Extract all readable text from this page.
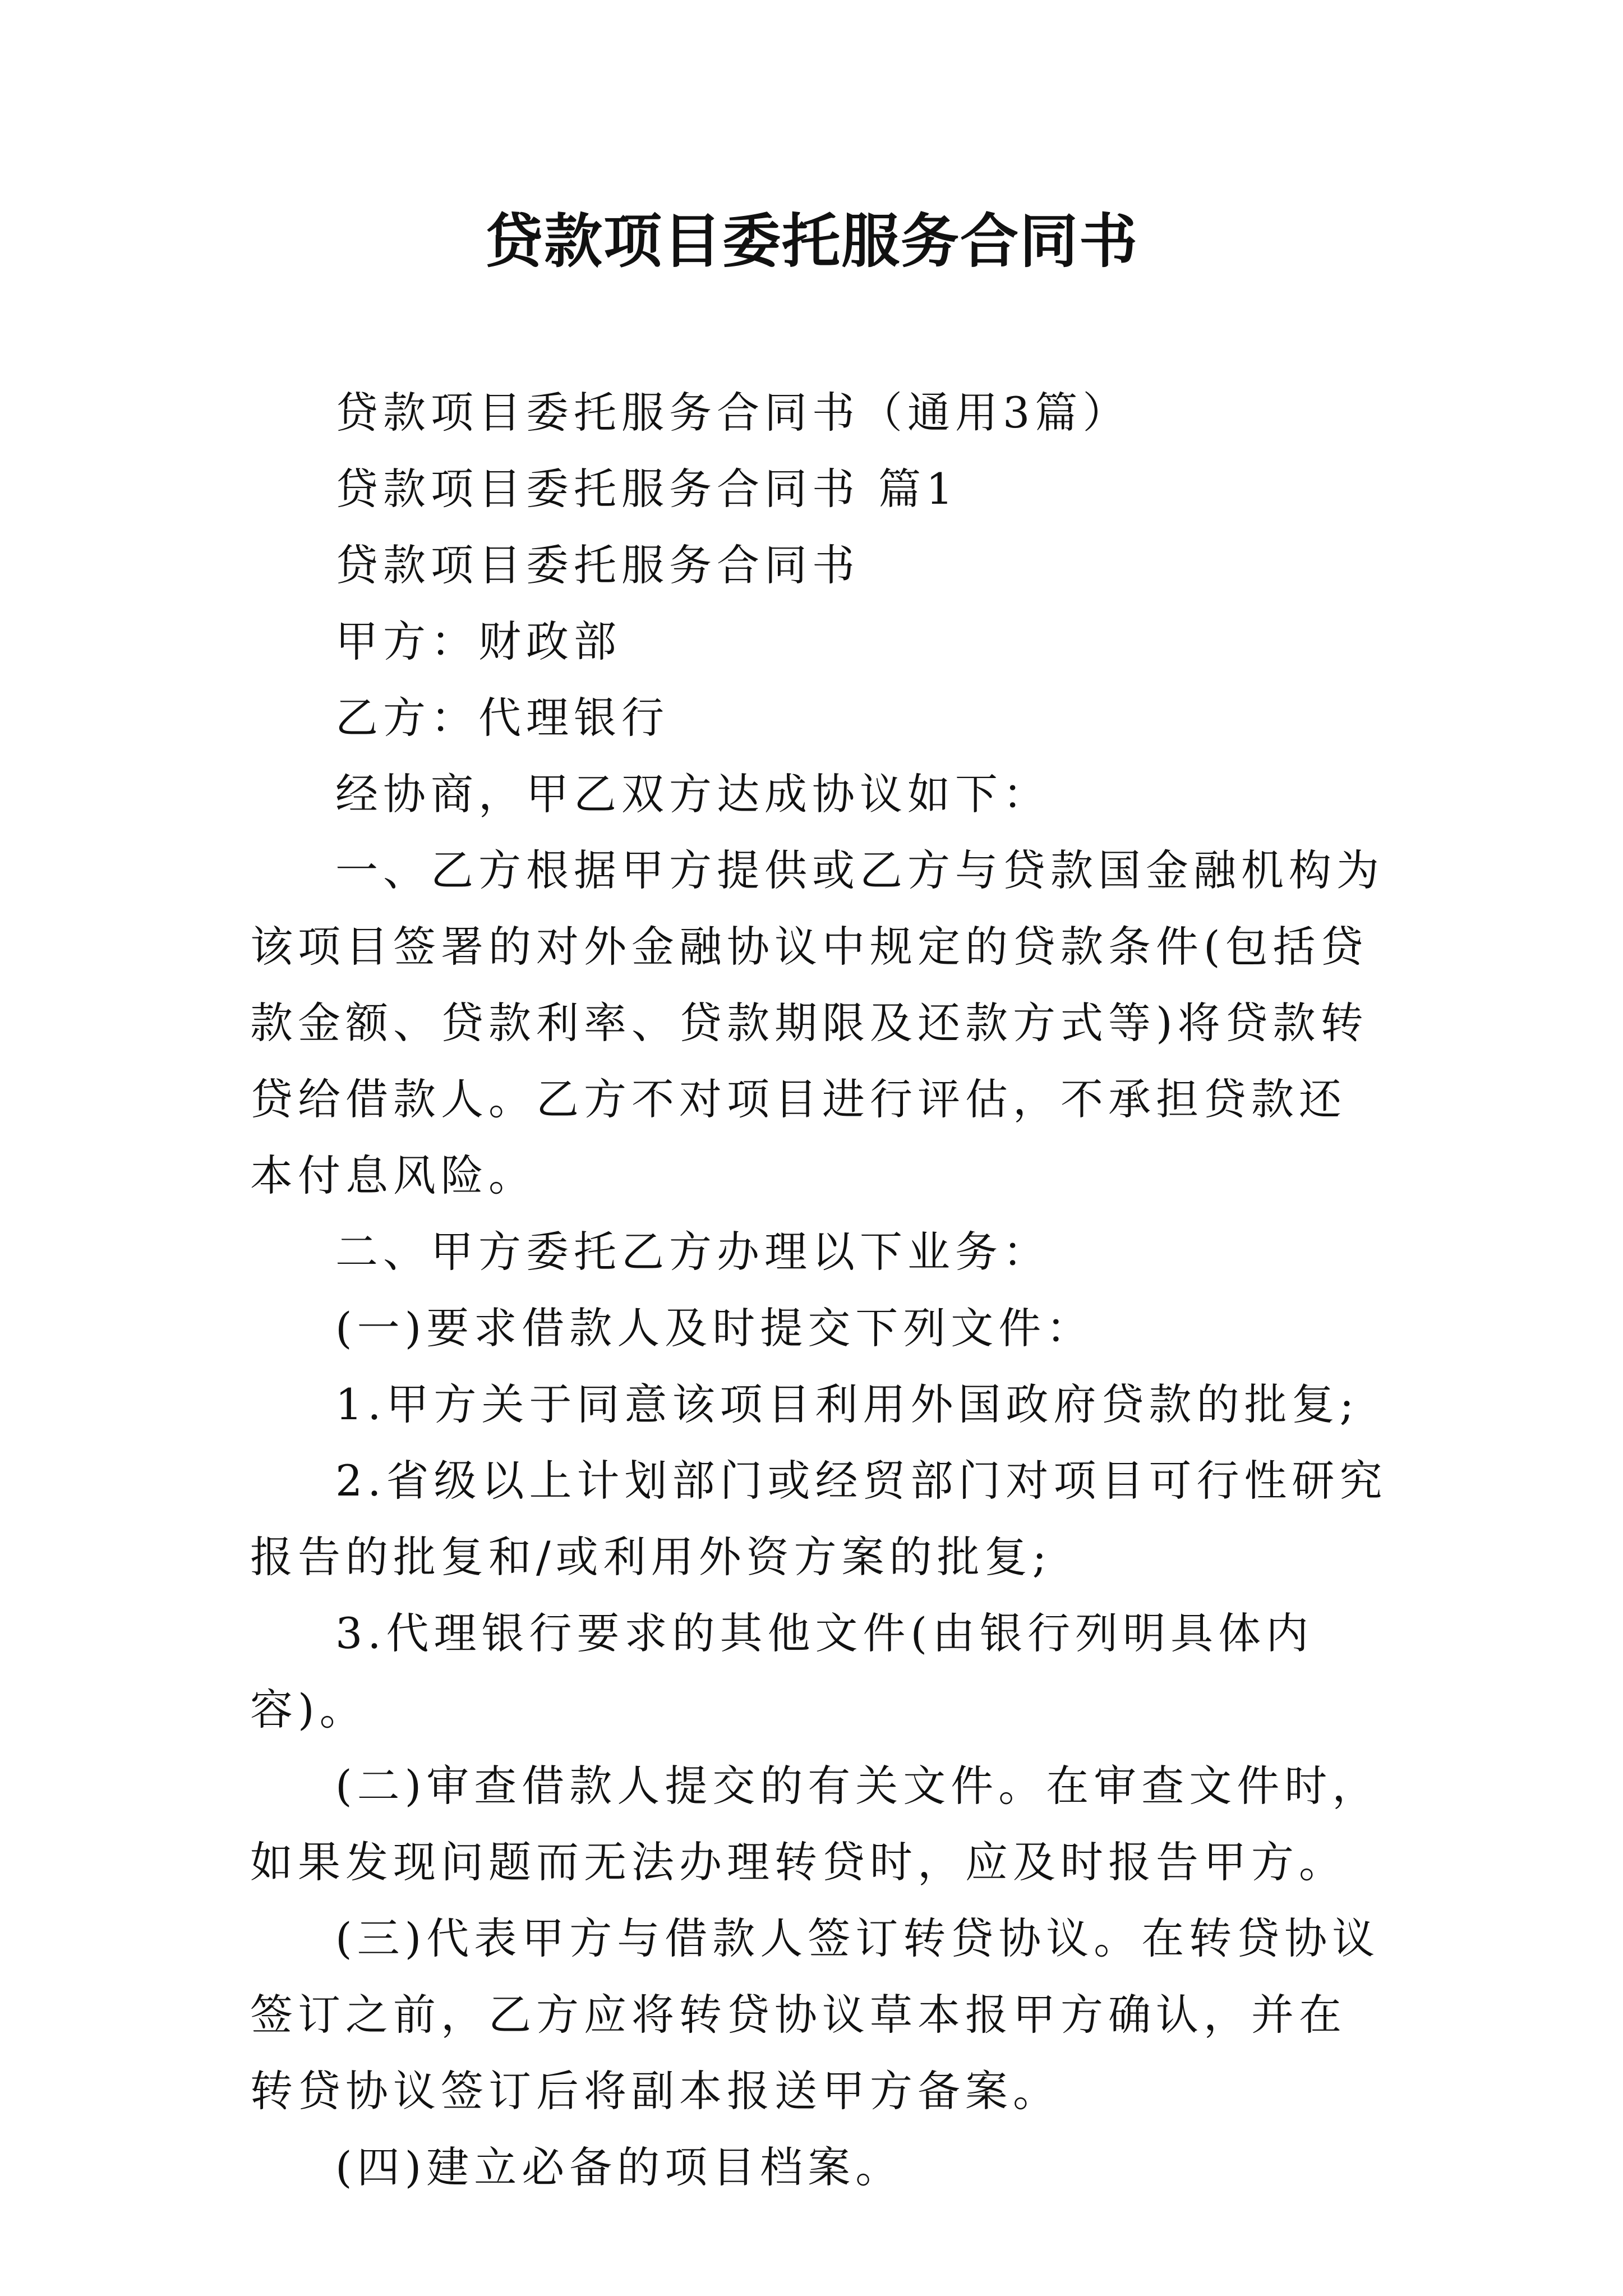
贷款项目委托服务合同书

贷款项目委托服务合同书（通用3篇）

贷款项目委托服务合同书 篇1

贷款项目委托服务合同书

甲方：财政部

乙方：代理银行

经协商，甲乙双方达成协议如下：

一、乙方根据甲方提供或乙方与贷款国金融机构为该项目签署的对外金融协议中规定的贷款条件(包括贷款金额、贷款利率、贷款期限及还款方式等)将贷款转贷给借款人。乙方不对项目进行评估，不承担贷款还本付息风险。

二、甲方委托乙方办理以下业务：

(一)要求借款人及时提交下列文件：

1.甲方关于同意该项目利用外国政府贷款的批复;

2.省级以上计划部门或经贸部门对项目可行性研究报告的批复和/或利用外资方案的批复;

3.代理银行要求的其他文件(由银行列明具体内容)。

(二)审查借款人提交的有关文件。在审查文件时，如果发现问题而无法办理转贷时，应及时报告甲方。

(三)代表甲方与借款人签订转贷协议。在转贷协议签订之前，乙方应将转贷协议草本报甲方确认，并在转贷协议签订后将副本报送甲方备案。

(四)建立必备的项目档案。
